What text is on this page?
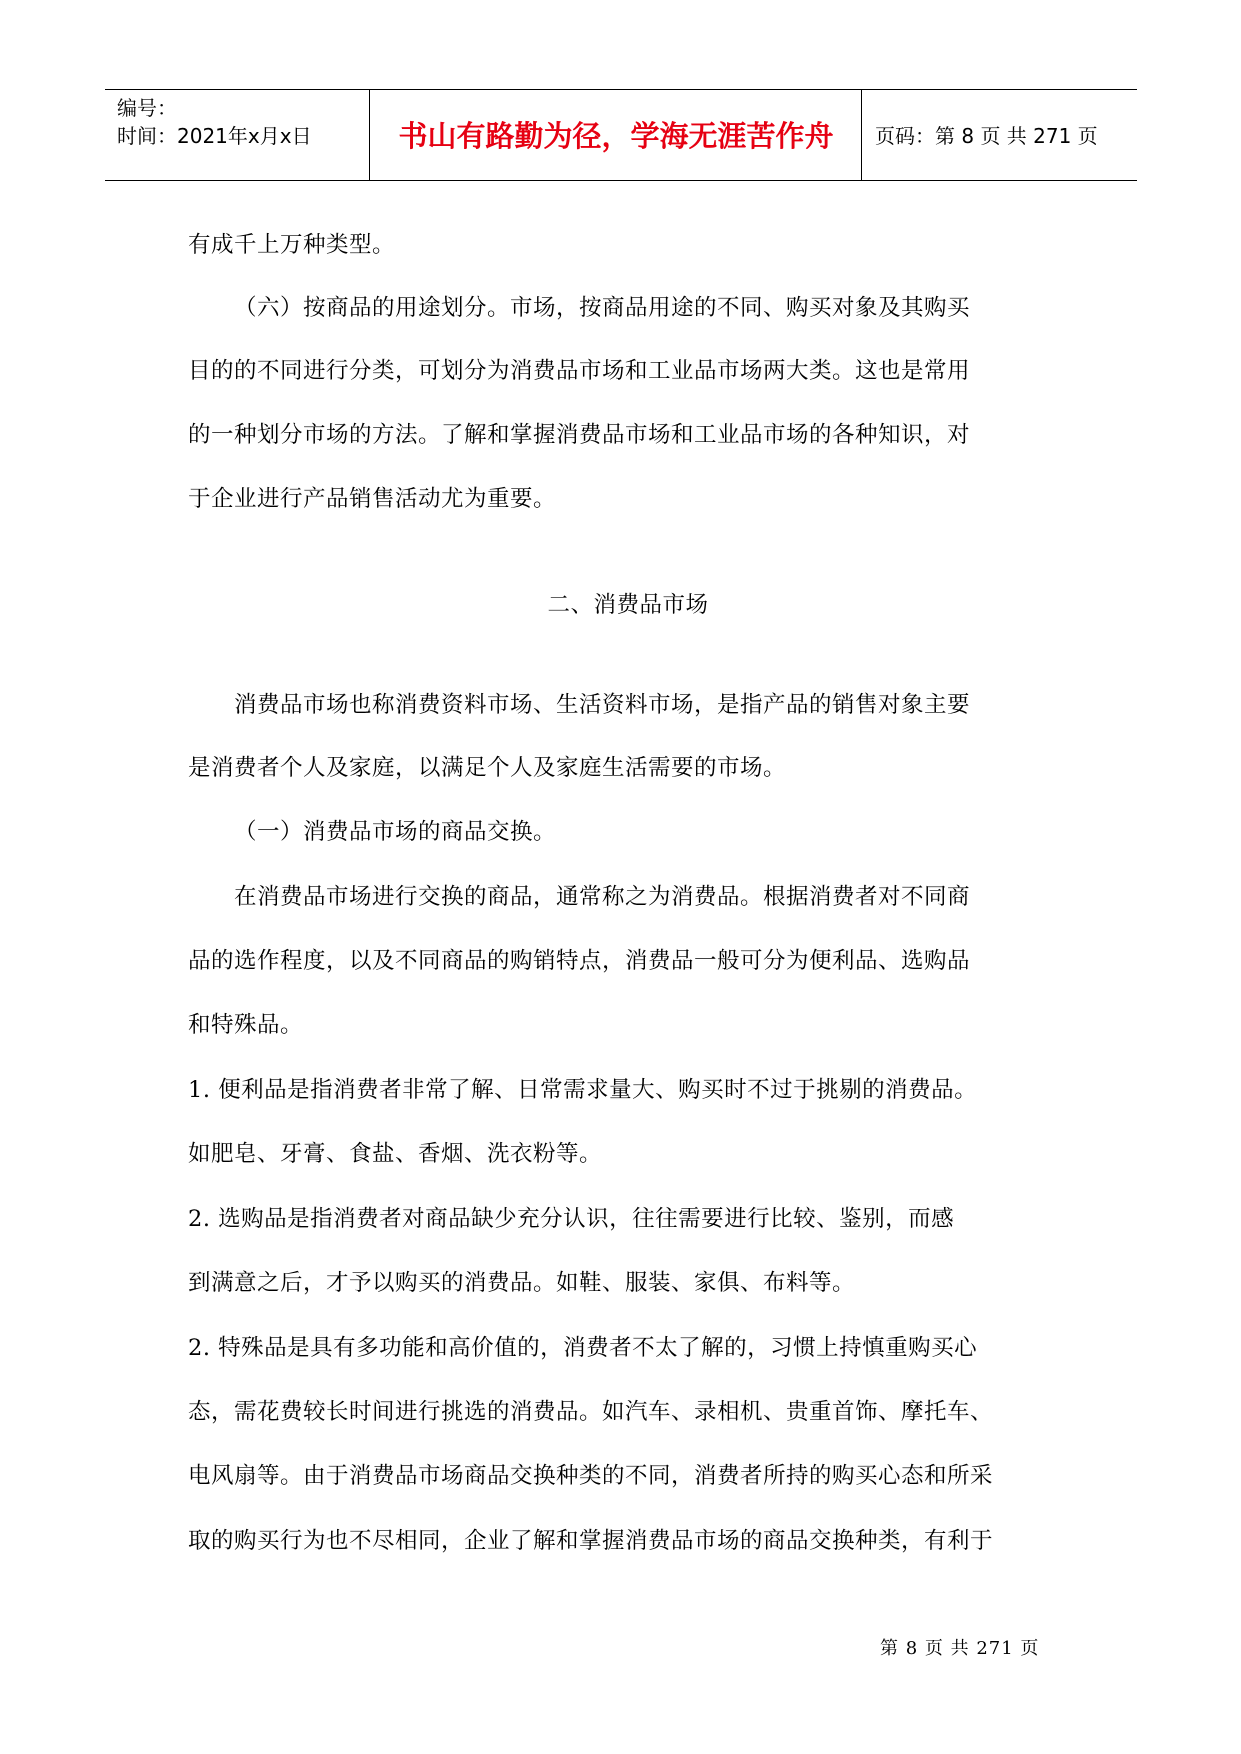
编号：
时间：2021年x月x日	书山有路勤为径，学海无涯苦作舟	页码：第 8 页 共 271 页
有成千上万种类型。
（六）按商品的用途划分。市场，按商品用途的不同、购买对象及其购买
目的的不同进行分类，可划分为消费品市场和工业品市场两大类。这也是常用
的一种划分市场的方法。了解和掌握消费品市场和工业品市场的各种知识，对
于企业进行产品销售活动尤为重要。
二、消费品市场
消费品市场也称消费资料市场、生活资料市场，是指产品的销售对象主要
是消费者个人及家庭，以满足个人及家庭生活需要的市场。
（一）消费品市场的商品交换。
在消费品市场进行交换的商品，通常称之为消费品。根据消费者对不同商
品的选作程度，以及不同商品的购销特点，消费品一般可分为便利品、选购品
和特殊品。
1. 便利品是指消费者非常了解、日常需求量大、购买时不过于挑剔的消费品。
如肥皂、牙膏、食盐、香烟、洗衣粉等。
2. 选购品是指消费者对商品缺少充分认识，往往需要进行比较、鉴别，而感
到满意之后，才予以购买的消费品。如鞋、服装、家俱、布料等。
2. 特殊品是具有多功能和高价值的，消费者不太了解的，习惯上持慎重购买心
态，需花费较长时间进行挑选的消费品。如汽车、录相机、贵重首饰、摩托车、
电风扇等。由于消费品市场商品交换种类的不同，消费者所持的购买心态和所采
取的购买行为也不尽相同，企业了解和掌握消费品市场的商品交换种类，有利于
第 8 页 共 271 页
